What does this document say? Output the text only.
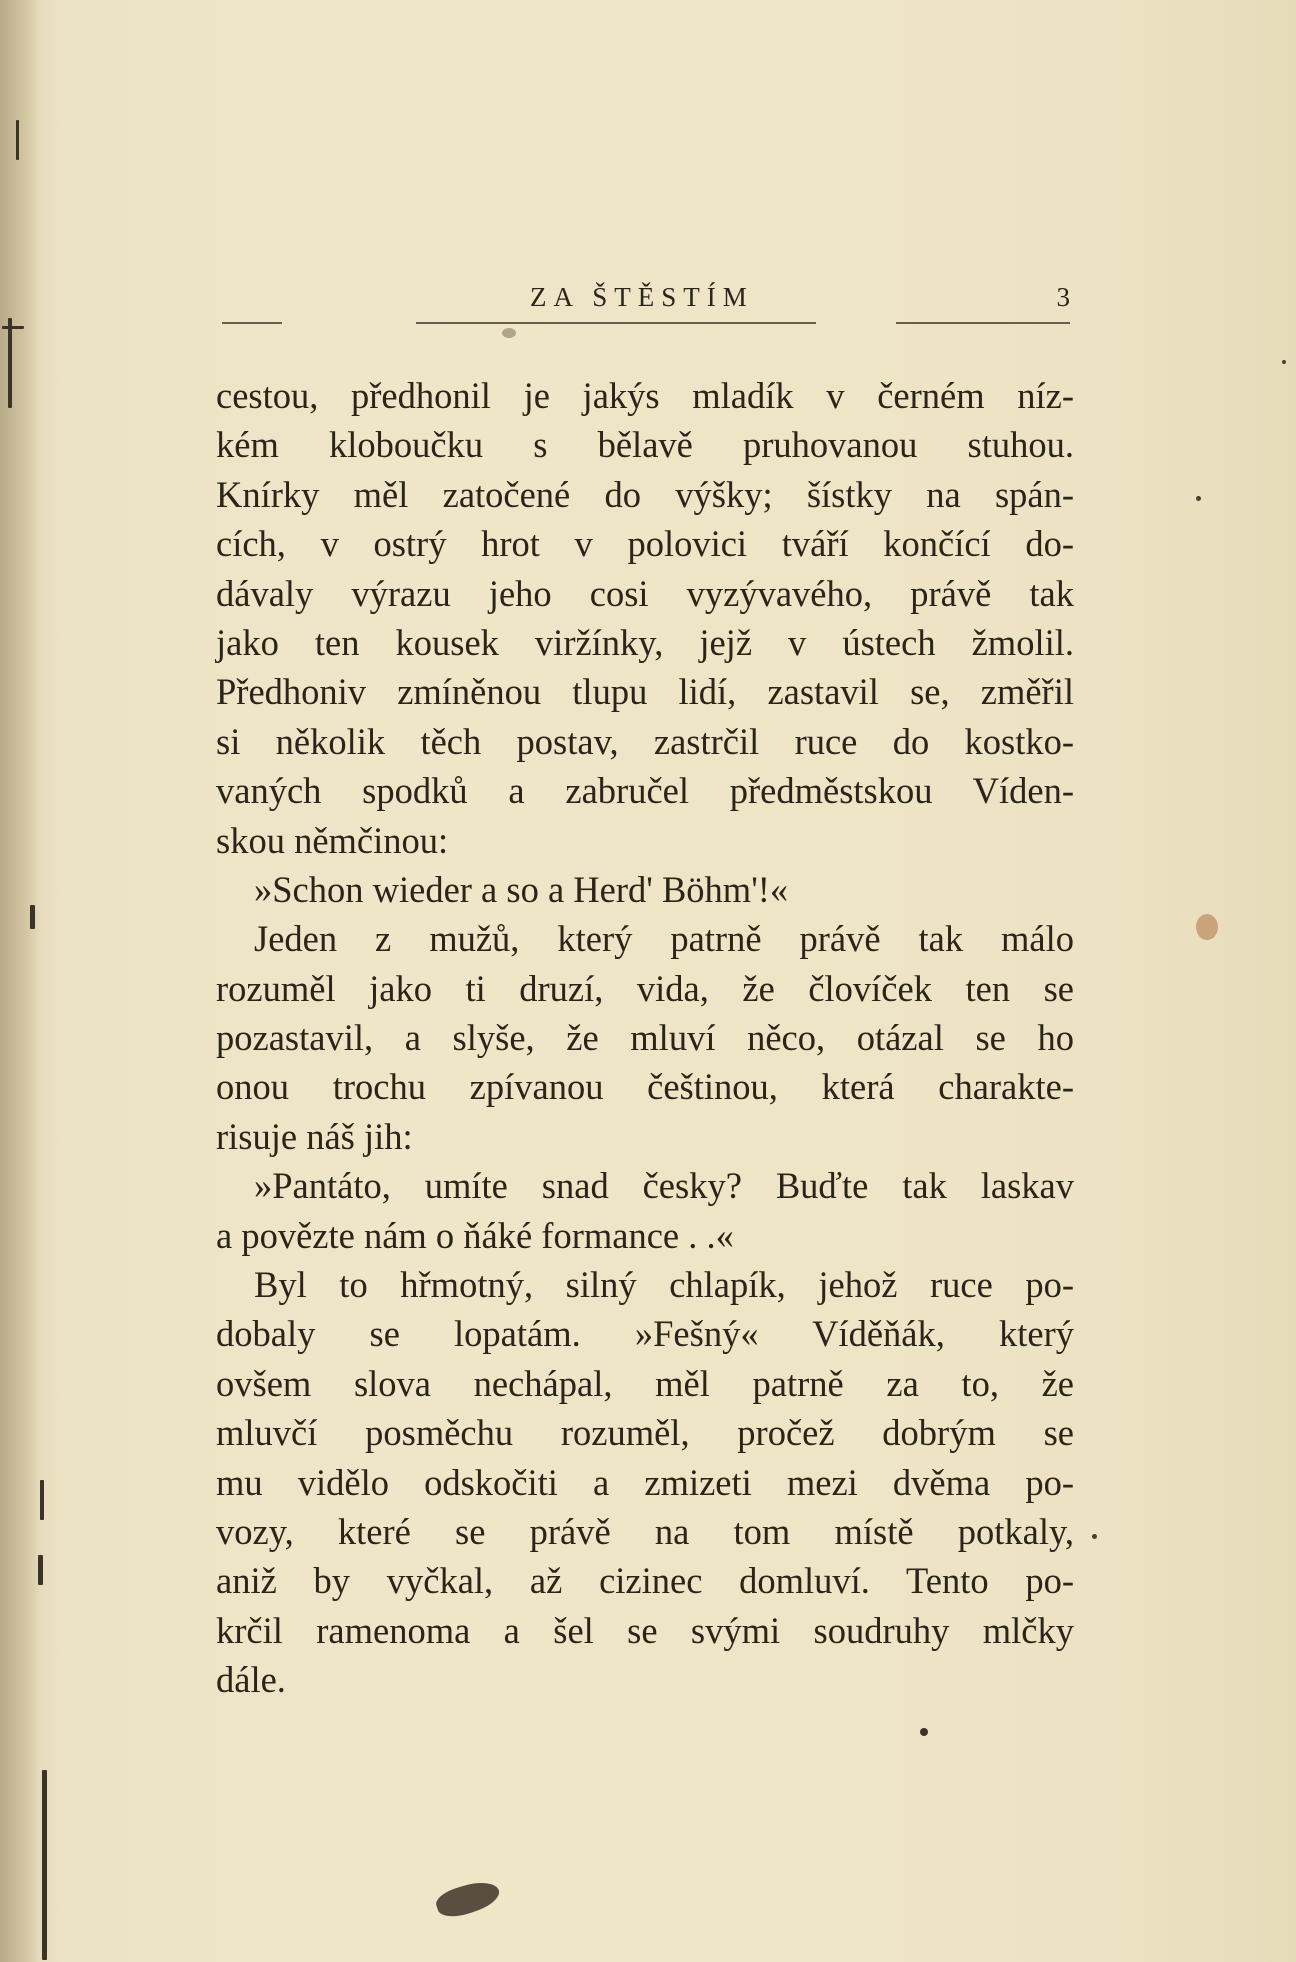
ZA ŠTĚSTÍM	3
cestou, předhonil je jakýs mladík v černém níz-
kém kloboučku s bělavě pruhovanou stuhou.
Knírky měl zatočené do výšky; šístky na spán-
cích, v ostrý hrot v polovici tváří končící do-
dávaly výrazu jeho cosi vyzývavého, právě tak
jako ten kousek viržínky, jejž v ústech žmolil.
Předhoniv zmíněnou tlupu lidí, zastavil se, změřil
si několik těch postav, zastrčil ruce do kostko-
vaných spodků a zabručel předměstskou Víden-
skou němčinou:
»Schon wieder a so a Herd' Böhm'!«
Jeden z mužů, který patrně právě tak málo
rozuměl jako ti druzí, vida, že človíček ten se
pozastavil, a slyše, že mluví něco, otázal se ho
onou trochu zpívanou češtinou, která charakte-
risuje náš jih:
»Pantáto, umíte snad česky? Buďte tak laskav
a povězte nám o ňáké formance . .«
Byl to hřmotný, silný chlapík, jehož ruce po-
dobaly se lopatám. »Fešný« Víděňák, který
ovšem slova nechápal, měl patrně za to, že
mluvčí posměchu rozuměl, pročež dobrým se
mu vidělo odskočiti a zmizeti mezi dvěma po-
vozy, které se právě na tom místě potkaly,
aniž by vyčkal, až cizinec domluví. Tento po-
krčil ramenoma a šel se svými soudruhy mlčky
dále.
